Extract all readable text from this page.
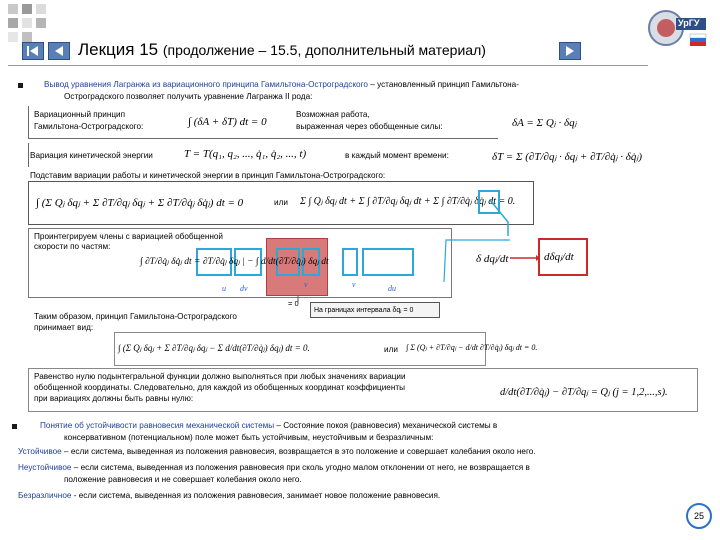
Лекция 15 (продолжение – 15.5, дополнительный материал)
УрГУ
Вывод уравнения Лагранжа из вариационного принципа Гамильтона-Остроградского – установленный принцип Гамильтона-
Остроградского позволяет получить уравнение Лагранжа II рода:
Вариационный принцип
Гамильтона-Остроградского:	∫ (δA + δT) dt = 0
Возможная работа,
выраженная через обобщенные силы:	δA = Σ Qⱼ · δqⱼ
Вариация кинетической энергии	T = T(q₁, q₂, ..., q̇₁, q̇₂, ..., t)	в каждый момент времени:	δT = Σ (∂T/∂qⱼ · δqⱼ + ∂T/∂q̇ⱼ · δq̇ⱼ)
Подставим вариации работы и кинетической энергии в принцип Гамильтона-Остроградского:
∫ (Σ Qⱼ δqⱼ + Σ ∂T/∂qⱼ δqⱼ + Σ ∂T/∂q̇ⱼ δq̇ⱼ) dt = 0	или Σ ∫ Qⱼ δqⱼ dt + Σ ∫ ∂T/∂qⱼ δqⱼ dt + Σ ∫ ∂T/∂q̇ⱼ δq̇ⱼ dt = 0.
Проинтегрируем члены с вариацией обобщенной
скорости по частям:
∫ ∂T/∂q̇ⱼ δq̇ⱼ dt = ∂T/∂q̇ⱼ δqⱼ | − ∫ d/dt(∂T/∂q̇ⱼ) δqⱼ dt
u dv	v	v	du
= 0
На границах интервала δqⱼ = 0
δ dqⱼ/dt	dδqⱼ/dt
Таким образом, принцип Гамильтона-Остроградского
принимает вид:
∫ (Σ Qⱼ δqⱼ + Σ ∂T/∂qⱼ δqⱼ − Σ d/dt(∂T/∂q̇ⱼ) δqⱼ) dt = 0.	или ∫ Σ (Qⱼ + ∂T/∂qⱼ − d/dt ∂T/∂q̇ⱼ) δqⱼ dt = 0.
Равенство нулю подынтегральной функции должно выполняться при любых значениях вариации
обобщенной координаты. Следовательно, для каждой из обобщенных координат коэффициенты
при вариациях должны быть равны нулю:
d/dt(∂T/∂q̇ⱼ) − ∂T/∂qⱼ = Qⱼ (j = 1,2,...,s).
Понятие об устойчивости равновесия механической системы – Состояние покоя (равновесия) механической системы в
консервативном (потенциальном) поле может быть устойчивым, неустойчивым и безразличным:
Устойчивое – если система, выведенная из положения равновесия, возвращается в это положение и совершает колебания около него.
Неустойчивое – если система, выведенная из положения равновесия при сколь угодно малом отклонении от него, не возвращается в
положение равновесия и не совершает колебания около него.
Безразличное - если система, выведенная из положения равновесия, занимает новое положение равновесия.
25
